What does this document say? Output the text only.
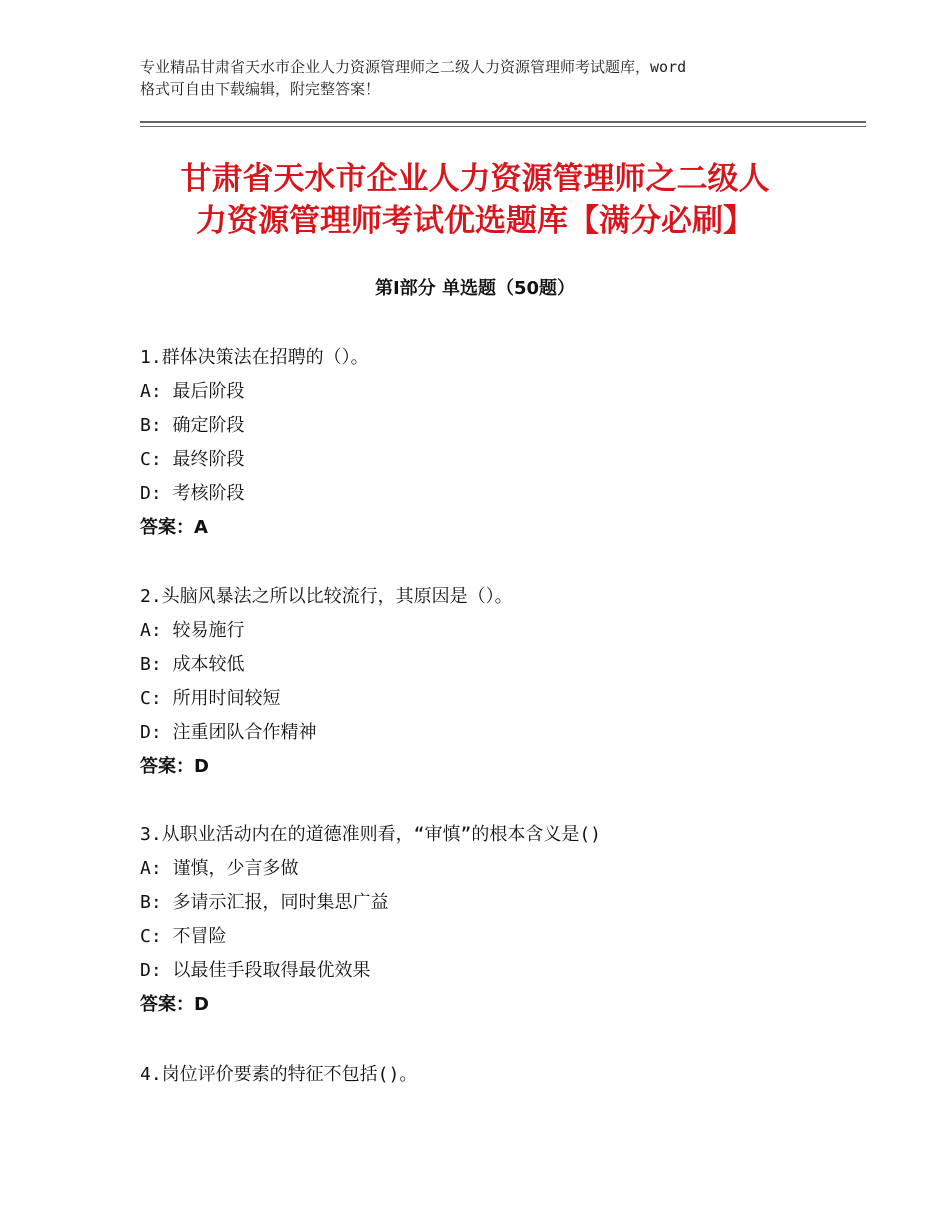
专业精品甘肃省天水市企业人力资源管理师之二级人力资源管理师考试题库，word
格式可自由下载编辑，附完整答案！
甘肃省天水市企业人力资源管理师之二级人
力资源管理师考试优选题库【满分必刷】
第Ⅰ部分 单选题（50题）
1.群体决策法在招聘的（）。
A: 最后阶段
B: 确定阶段
C: 最终阶段
D: 考核阶段
答案：A
2.头脑风暴法之所以比较流行，其原因是（）。
A: 较易施行
B: 成本较低
C: 所用时间较短
D: 注重团队合作精神
答案：D
3.从职业活动内在的道德准则看，“审慎”的根本含义是()
A: 谨慎，少言多做
B: 多请示汇报，同时集思广益
C: 不冒险
D: 以最佳手段取得最优效果
答案：D
4.岗位评价要素的特征不包括()。
